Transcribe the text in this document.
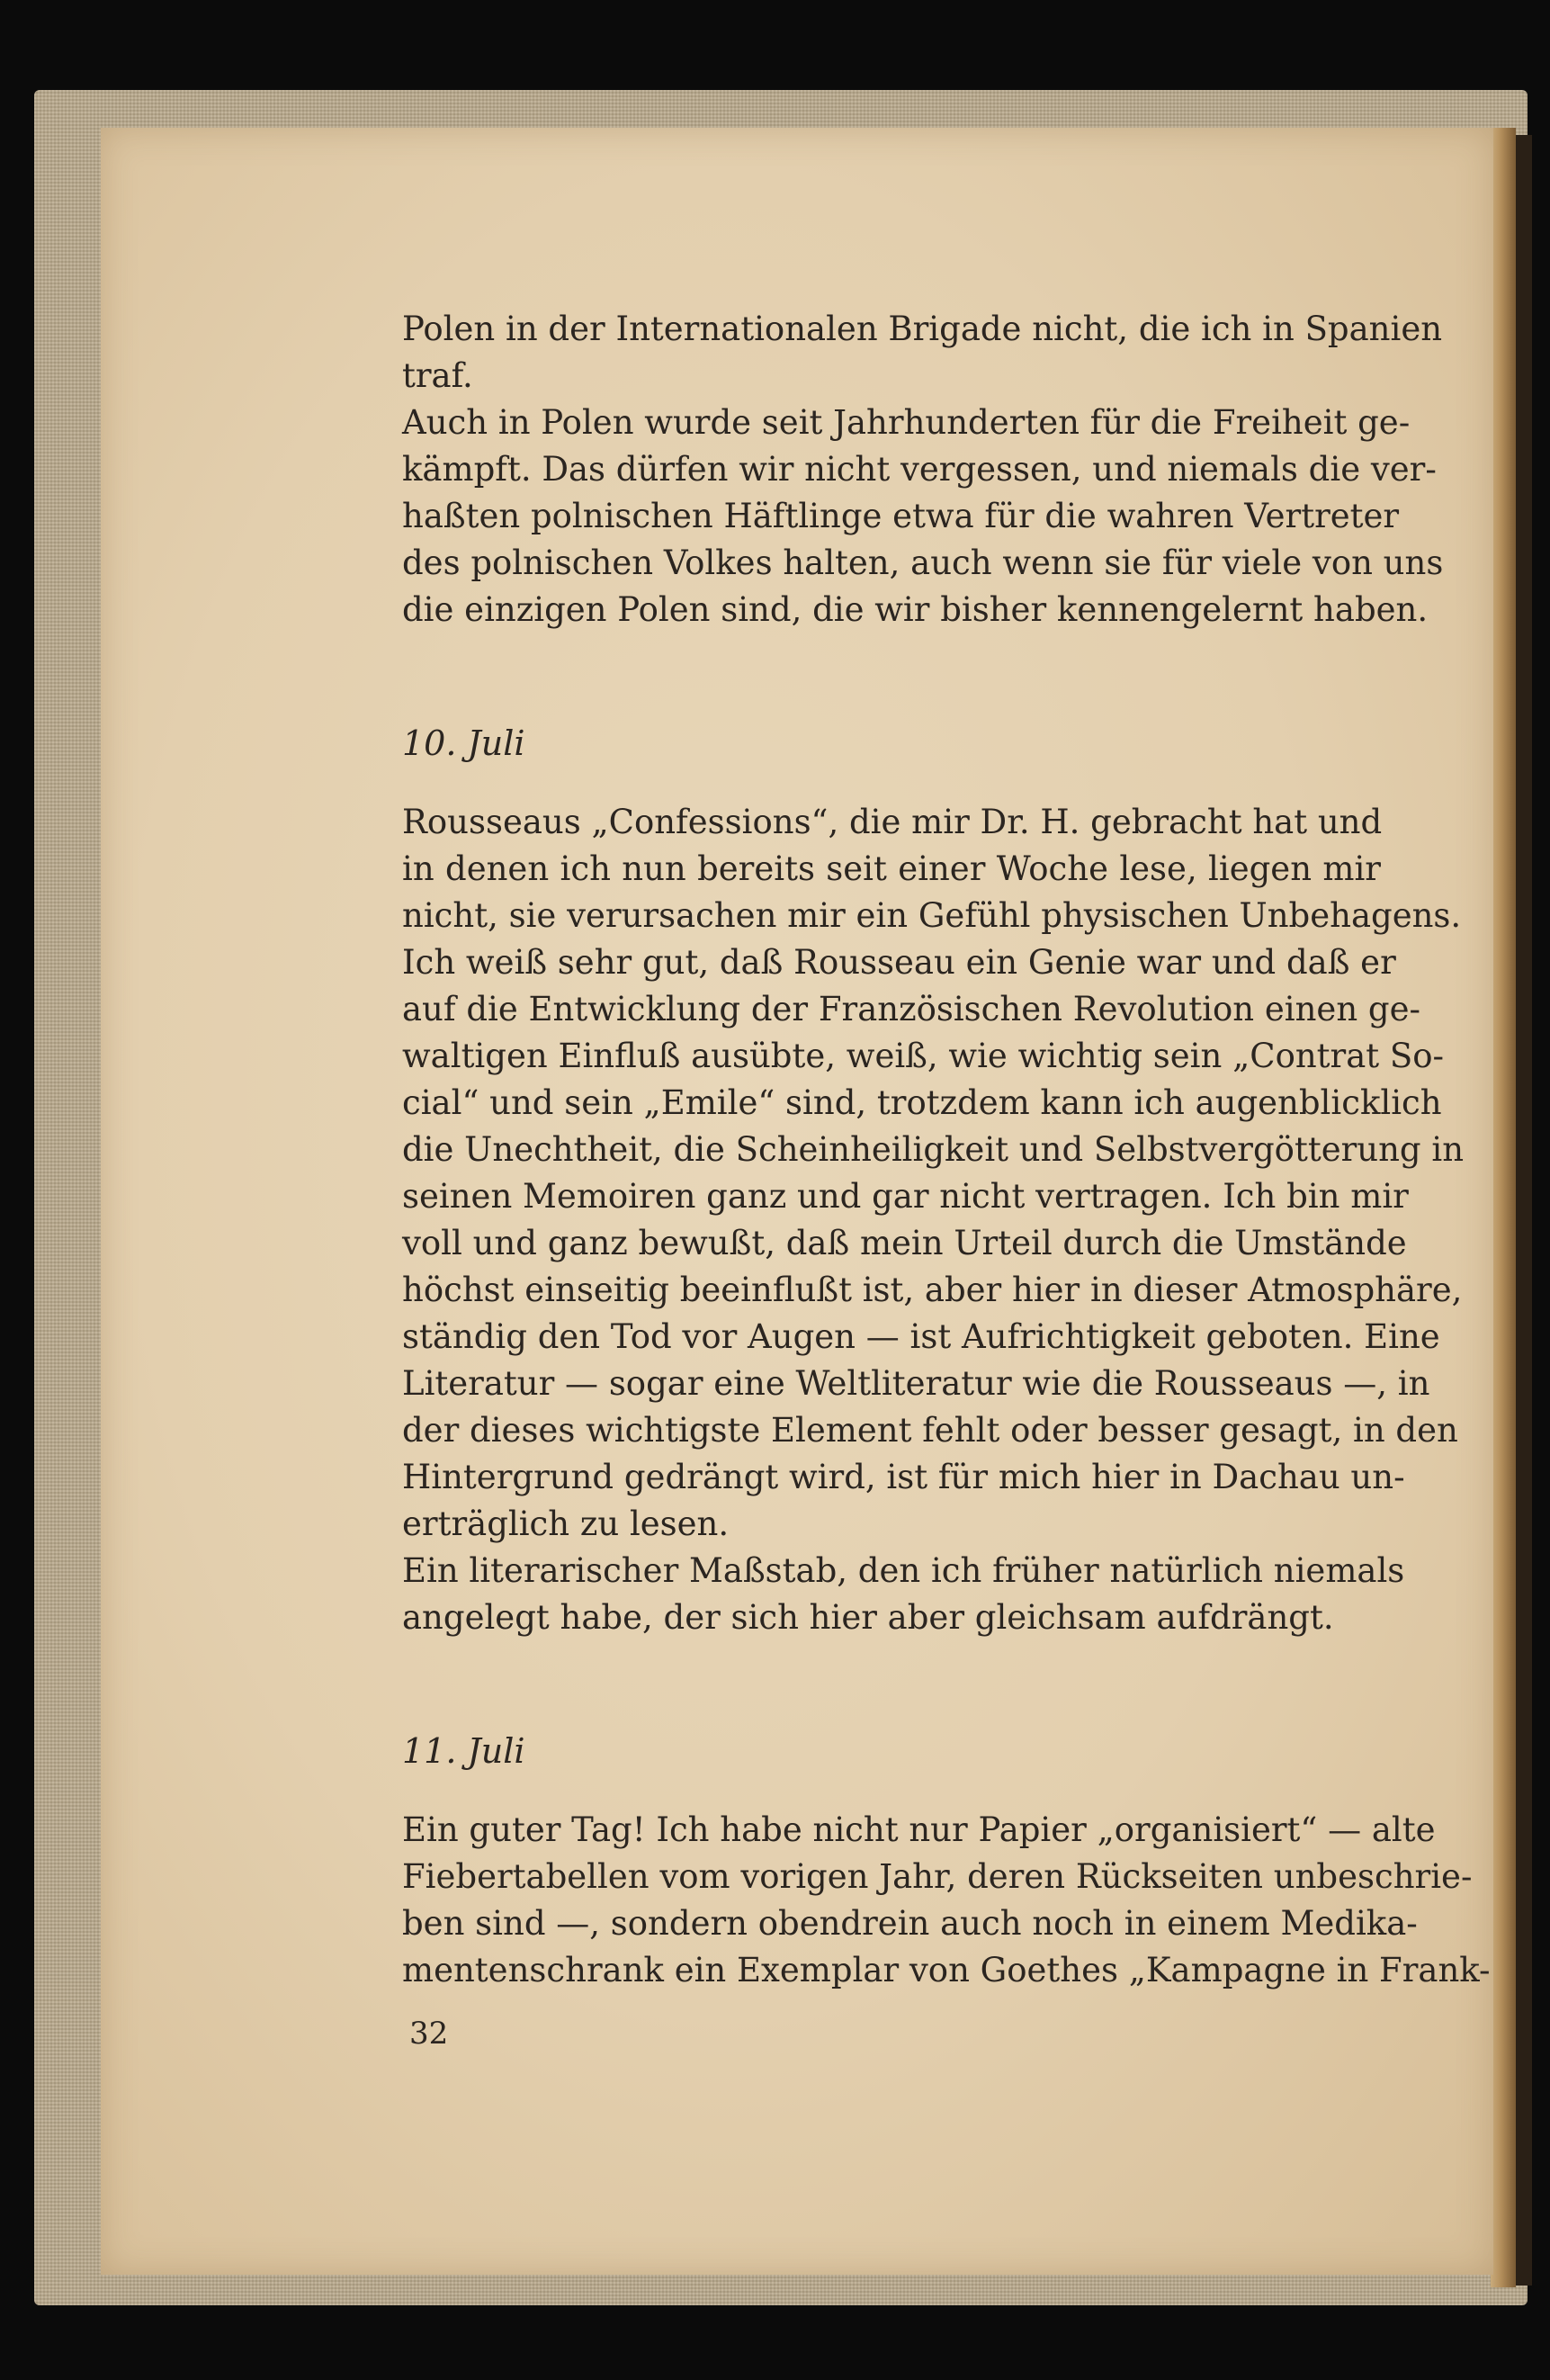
Polen in der Internationalen Brigade nicht, die ich in Spanien
traf.
Auch in Polen wurde seit Jahrhunderten für die Freiheit ge-
kämpft. Das dürfen wir nicht vergessen, und niemals die ver-
haßten polnischen Häftlinge etwa für die wahren Vertreter
des polnischen Volkes halten, auch wenn sie für viele von uns
die einzigen Polen sind, die wir bisher kennengelernt haben.
10. Juli
Rousseaus „Confessions“, die mir Dr. H. gebracht hat und
in denen ich nun bereits seit einer Woche lese, liegen mir
nicht, sie verursachen mir ein Gefühl physischen Unbehagens.
Ich weiß sehr gut, daß Rousseau ein Genie war und daß er
auf die Entwicklung der Französischen Revolution einen ge-
waltigen Einfluß ausübte, weiß, wie wichtig sein „Contrat So-
cial“ und sein „Emile“ sind, trotzdem kann ich augenblicklich
die Unechtheit, die Scheinheiligkeit und Selbstvergötterung in
seinen Memoiren ganz und gar nicht vertragen. Ich bin mir
voll und ganz bewußt, daß mein Urteil durch die Umstände
höchst einseitig beeinflußt ist, aber hier in dieser Atmosphäre,
ständig den Tod vor Augen — ist Aufrichtigkeit geboten. Eine
Literatur — sogar eine Weltliteratur wie die Rousseaus —, in
der dieses wichtigste Element fehlt oder besser gesagt, in den
Hintergrund gedrängt wird, ist für mich hier in Dachau un-
erträglich zu lesen.
Ein literarischer Maßstab, den ich früher natürlich niemals
angelegt habe, der sich hier aber gleichsam aufdrängt.
11. Juli
Ein guter Tag! Ich habe nicht nur Papier „organisiert“ — alte
Fiebertabellen vom vorigen Jahr, deren Rückseiten unbeschrie-
ben sind —, sondern obendrein auch noch in einem Medika-
mentenschrank ein Exemplar von Goethes „Kampagne in Frank-
32
